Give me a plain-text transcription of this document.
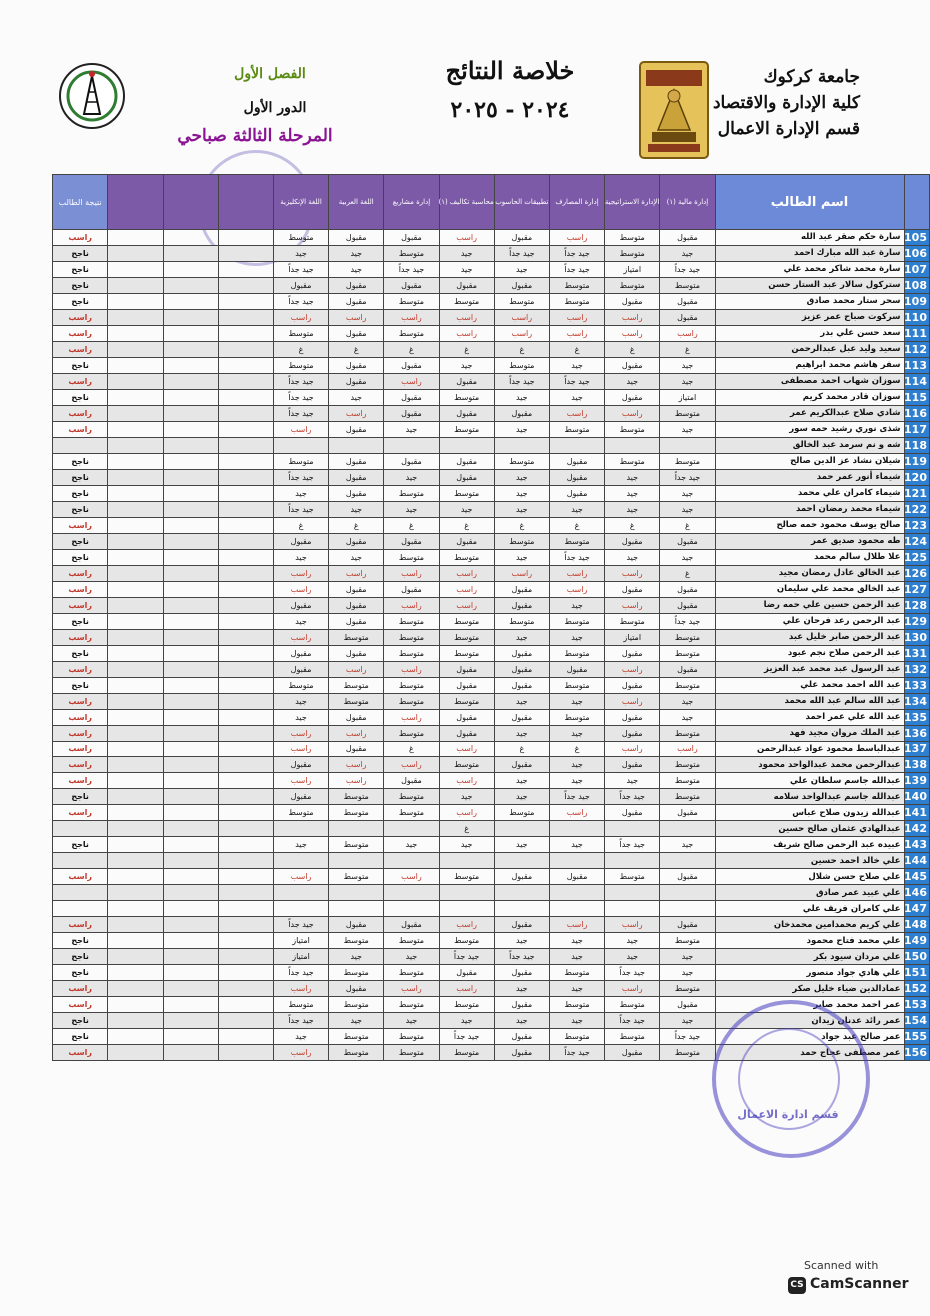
جامعة كركوك
كلية الإدارة والاقتصاد
قسم الإدارة الاعمال
خلاصة النتائج
٢٠٢٤ - ٢٠٢٥
الفصل الأول
الدور الأول
المرحلة الثالثة صباحي
	اسم الطالب	إدارة مالية (١)	الإدارة الاستراتيجية	إدارة المصارف	تطبيقات الحاسوب	محاسبة تكاليف (١)	إدارة مشاريع	اللغة العربية	اللغة الإنكليزية				نتيجة الطالب
105	سارة حكم صقر عبد الله	مقبول	متوسط	راسب	مقبول	راسب	مقبول	مقبول	متوسط				راسب
106	سارة عبد الله مبارك احمد	جيد	متوسط	جيد جداً	جيد جداً	جيد	متوسط	جيد	جيد				ناجح
107	سارة محمد شاكر محمد علي	جيد جداً	امتياز	جيد جداً	جيد	جيد	جيد جداً	جيد	جيد جداً				ناجح
108	ستركول سالار عبد الستار حسن	متوسط	متوسط	متوسط	مقبول	مقبول	مقبول	مقبول	مقبول				ناجح
109	سحر ستار محمد صادق	مقبول	مقبول	متوسط	متوسط	متوسط	متوسط	مقبول	جيد جداً				ناجح
110	سركوت صباح عمر عزيز	مقبول	راسب	راسب	راسب	راسب	راسب	راسب	راسب				راسب
111	سعد حسن علي بدر	راسب	راسب	راسب	راسب	راسب	متوسط	مقبول	متوسط				راسب
112	سعيد وليد عبل عبدالرحمن	غ	غ	غ	غ	غ	غ	غ	غ				راسب
113	سفر هاشم محمد ابراهيم	جيد	مقبول	جيد	متوسط	جيد	مقبول	مقبول	متوسط				ناجح
114	سوزان شهاب احمد مصطفى	جيد	جيد	جيد جداً	جيد جداً	مقبول	راسب	مقبول	جيد جداً				راسب
115	سوزان قادر محمد كريم	امتياز	مقبول	جيد	جيد	متوسط	مقبول	جيد	جيد جداً				ناجح
116	شادي صلاح عبدالكريم عمر	متوسط	راسب	راسب	مقبول	مقبول	مقبول	راسب	جيد جداً				راسب
117	شذى نوري رشيد حمه سور	جيد	متوسط	متوسط	جيد	متوسط	جيد	مقبول	راسب				راسب
118	شه و نم سرمد عبد الخالق												
119	شيلان نشاد عز الدين صالح	متوسط	متوسط	مقبول	متوسط	مقبول	مقبول	مقبول	متوسط				ناجح
120	شيماء أنور عمر حمد	جيد جداً	جيد	مقبول	جيد	مقبول	جيد	مقبول	جيد جداً				ناجح
121	شيماء كامران علي محمد	جيد	جيد	مقبول	جيد	متوسط	متوسط	مقبول	جيد				ناجح
122	شيماء محمد رمضان احمد	جيد	جيد	جيد	جيد	جيد	جيد	جيد	جيد جداً				ناجح
123	صالح يوسف محمود حمه صالح	غ	غ	غ	غ	غ	غ	غ	غ				راسب
124	طه محمود صديق عمر	مقبول	مقبول	متوسط	متوسط	مقبول	مقبول	مقبول	مقبول				ناجح
125	علا طلال سالم محمد	جيد	جيد	جيد جداً	جيد	متوسط	متوسط	جيد	جيد				ناجح
126	عبد الخالق عادل رمضان مجيد	غ	راسب	راسب	راسب	راسب	راسب	راسب	راسب				راسب
127	عبد الخالق محمد علي سليمان	مقبول	مقبول	راسب	مقبول	راسب	مقبول	مقبول	راسب				راسب
128	عبد الرحمن حسين علي حمه رضا	مقبول	راسب	جيد	مقبول	راسب	راسب	مقبول	مقبول				راسب
129	عبد الرحمن رعد فرحان علي	جيد جداً	متوسط	متوسط	متوسط	متوسط	متوسط	مقبول	جيد				ناجح
130	عبد الرحمن صابر خليل عبد	متوسط	امتياز	جيد	جيد	متوسط	متوسط	متوسط	راسب				راسب
131	عبد الرحمن صلاح نجم عبود	متوسط	مقبول	متوسط	مقبول	متوسط	متوسط	مقبول	مقبول				ناجح
132	عبد الرسول عبد محمد عبد العزيز	مقبول	راسب	مقبول	مقبول	مقبول	راسب	راسب	مقبول				راسب
133	عبد الله احمد محمد علي	متوسط	مقبول	متوسط	مقبول	مقبول	متوسط	متوسط	متوسط				ناجح
134	عبد الله سالم عبد الله محمد	جيد	راسب	جيد	جيد	متوسط	متوسط	متوسط	جيد				راسب
135	عبد الله علي عمر احمد	جيد	مقبول	متوسط	مقبول	مقبول	راسب	مقبول	جيد				راسب
136	عبد الملك مروان مجيد فهد	متوسط	مقبول	جيد	جيد	مقبول	متوسط	راسب	راسب				راسب
137	عبدالباسط محمود عواد عبدالرحمن	راسب	راسب	غ	غ	راسب	غ	مقبول	راسب				راسب
138	عبدالرحمن محمد عبدالواحد محمود	متوسط	مقبول	جيد	مقبول	متوسط	راسب	راسب	مقبول				راسب
139	عبدالله جاسم سلطان علي	متوسط	جيد	جيد	جيد	راسب	مقبول	راسب	راسب				راسب
140	عبدالله جاسم عبدالواحد سلامه	متوسط	جيد جداً	جيد جداً	جيد	جيد	متوسط	متوسط	مقبول				ناجح
141	عبدالله زيدون صلاح عباس	مقبول	مقبول	راسب	متوسط	راسب	متوسط	متوسط	متوسط				راسب
142	عبدالهادي عثمان صالح حسين					غ							
143	عبيده عبد الرحمن صالح شريف	جيد	جيد جداً	جيد	جيد	جيد	جيد	متوسط	جيد				ناجح
144	علي خالد احمد حسين												
145	علي صلاح حسن شلال	مقبول	متوسط	مقبول	مقبول	متوسط	راسب	متوسط	راسب				راسب
146	علي عبيد عمر صادق												
147	علي كامران فريف علي												
148	علي كريم محمدامين محمدخان	مقبول	راسب	راسب	مقبول	راسب	مقبول	مقبول	جيد جداً				راسب
149	علي محمد فتاح محمود	متوسط	جيد	جيد	جيد	متوسط	متوسط	متوسط	امتياز				ناجح
150	علي مردان سيود بكر	جيد	جيد	جيد	جيد جداً	جيد جداً	جيد	جيد	امتياز				ناجح
151	علي هادي جواد منصور	جيد	جيد جداً	متوسط	مقبول	مقبول	متوسط	متوسط	جيد جداً				ناجح
152	عمادالدين ضياء خليل صكر	متوسط	راسب	جيد	جيد	راسب	راسب	مقبول	راسب				راسب
153	عمر احمد محمد صابر	مقبول	متوسط	متوسط	مقبول	متوسط	متوسط	متوسط	متوسط				راسب
154	عمر رائد عدنان زيدان	جيد	جيد جداً	جيد	جيد	جيد	جيد	جيد	جيد جداً				ناجح
155	عمر صالح عبد جواد	جيد جداً	متوسط	متوسط	مقبول	جيد جداً	متوسط	متوسط	جيد				ناجح
156	عمر مصطفى عجاج حمد	متوسط	مقبول	جيد جداً	مقبول	متوسط	متوسط	متوسط	راسب				راسب
قسم ادارة الاعمال
Scanned with
CS CamScanner
